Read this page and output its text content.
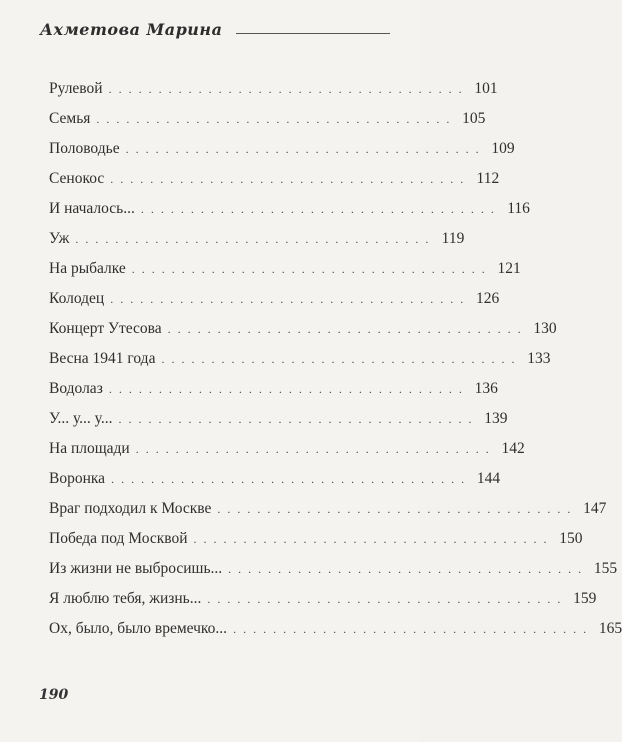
Ахметова Марина
Рулевой . . . . . . . . . . . . . . . . . . . . . . . . . . . . . . . . . . . . 101
Семья . . . . . . . . . . . . . . . . . . . . . . . . . . . . . . . . . . . . 105
Половодье . . . . . . . . . . . . . . . . . . . . . . . . . . . . . . . . . . . . 109
Сенокос . . . . . . . . . . . . . . . . . . . . . . . . . . . . . . . . . . . . 112
И началось... . . . . . . . . . . . . . . . . . . . . . . . . . . . . . . . . . . . . 116
Уж . . . . . . . . . . . . . . . . . . . . . . . . . . . . . . . . . . . . 119
На рыбалке . . . . . . . . . . . . . . . . . . . . . . . . . . . . . . . . . . . . 121
Колодец . . . . . . . . . . . . . . . . . . . . . . . . . . . . . . . . . . . . 126
Концерт Утесова . . . . . . . . . . . . . . . . . . . . . . . . . . . . . . . . . . . . 130
Весна 1941 года . . . . . . . . . . . . . . . . . . . . . . . . . . . . . . . . . . . . 133
Водолаз . . . . . . . . . . . . . . . . . . . . . . . . . . . . . . . . . . . . 136
У... у... у... . . . . . . . . . . . . . . . . . . . . . . . . . . . . . . . . . . . . 139
На площади . . . . . . . . . . . . . . . . . . . . . . . . . . . . . . . . . . . . 142
Воронка . . . . . . . . . . . . . . . . . . . . . . . . . . . . . . . . . . . . 144
Враг подходил к Москве . . . . . . . . . . . . . . . . . . . . . . . . . . . . . . . . . . . . 147
Победа под Москвой . . . . . . . . . . . . . . . . . . . . . . . . . . . . . . . . . . . . 150
Из жизни не выбросишь... . . . . . . . . . . . . . . . . . . . . . . . . . . . . . . . . . . . . 155
Я люблю тебя, жизнь... . . . . . . . . . . . . . . . . . . . . . . . . . . . . . . . . . . . . 159
Ох, было, было времечко... . . . . . . . . . . . . . . . . . . . . . . . . . . . . . . . . . . . . 165
190
